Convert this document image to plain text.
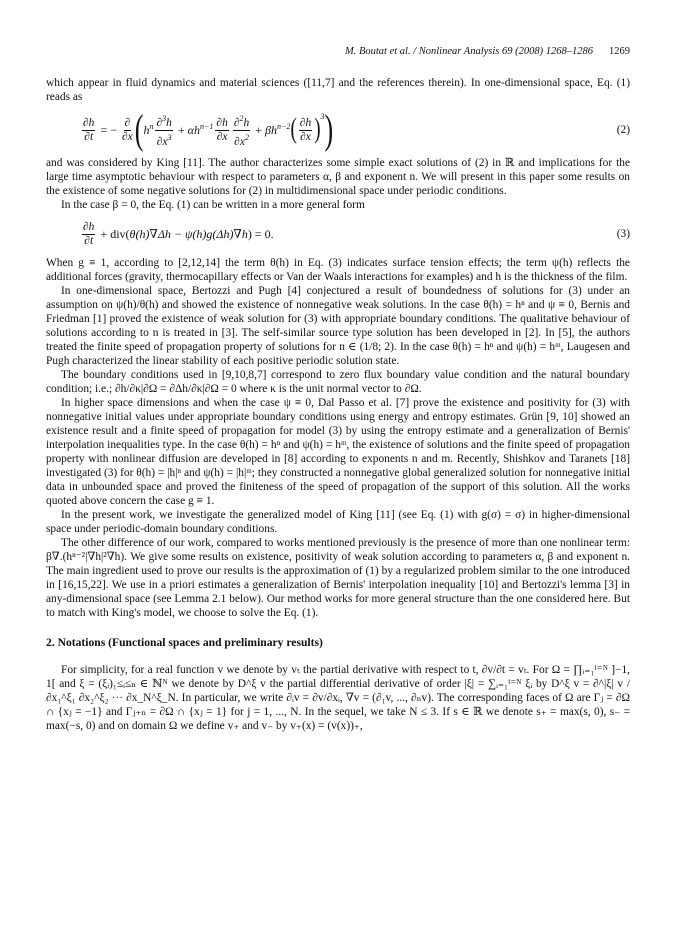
M. Boutat et al. / Nonlinear Analysis 69 (2008) 1268–1286 1269

which appear in fluid dynamics and material sciences ([11,7] and the references therein). In one-dimensional space, Eq. (1) reads as

$\frac{\partial h}{\partial t}$ = − $\frac{\partial}{\partial x}$ ( $h^n \frac{\partial^3h}{\partial x^3} + \alpha h^{n-1} \frac{\partial h}{\partial x} \frac{\partial^2h}{\partial x^2} + \beta h^{n-2}$ ( $\frac{\partial h}{\partial x} )^3$ )	(2)

and was considered by King [11]. The author characterizes some simple exact solutions of (2) in ℝ and implications for the large time asymptotic behaviour with respect to parameters α, β and exponent n. We will present in this paper some results on the existence of some negative solutions for (2) in multidimensional space under periodic conditions.

In the case β = 0, the Eq. (1) can be written in a more general form

$\frac{\partial h}{\partial t} + div$( θ(h)∇Δh − ψ(h)g(Δh)∇h ) = 0.	(3)

When g ≡ 1, according to [2,12,14] the term θ(h) in Eq. (3) indicates surface tension effects; the term ψ(h) reflects the additional forces (gravity, thermocapillary effects or Van der Waals interactions for examples) and h is the thickness of the film.

In one-dimensional space, Bertozzi and Pugh [4] conjectured a result of boundedness of solutions for (3) under an assumption on ψ(h)/θ(h) and showed the existence of nonnegative weak solutions. In the case θ(h) = hⁿ and ψ ≡ 0, Bernis and Friedman [1] proved the existence of weak solution for (3) with appropriate boundary conditions. The qualitative behaviour of solutions according to n is treated in [3]. The self-similar source type solution has been developed in [2]. In [5], the authors treated the finite speed of propagation property of solutions for n ∈ (1/8; 2). In the case θ(h) = hⁿ and ψ(h) = hᵐ, Laugesen and Pugh characterized the linear stability of each positive periodic solution state.

The boundary conditions used in [9,10,8,7] correspond to zero flux boundary value condition and the natural boundary condition; i.e.; ∂h/∂κ|∂Ω = ∂Δh/∂κ|∂Ω = 0 where κ is the unit normal vector to ∂Ω.

In higher space dimensions and when the case ψ ≡ 0, Dal Passo et al. [7] prove the existence and positivity for (3) with nonnegative initial values under appropriate boundary conditions using energy and entropy estimates. Grün [9, 10] showed an existence result and a finite speed of propagation for model (3) by using the entropy estimate and a generalization of Bernis' interpolation inequalities type. In the case θ(h) = hⁿ and ψ(h) = hᵐ, the existence of solutions and the finite speed of propagation property with nonlinear diffusion are developed in [8] according to exponents n and m. Recently, Shishkov and Taranets [18] investigated (3) for θ(h) = |h|ⁿ and ψ(h) = |h|ᵐ; they constructed a nonnegative global generalized solution for nonnegative initial data in unbounded space and proved the finiteness of the speed of propagation of the support of this solution. All the works quoted above concern the case g ≡ 1.

In the present work, we investigate the generalized model of King [11] (see Eq. (1) with g(σ) = σ) in higher-dimensional space under periodic-domain boundary conditions.

The other difference of our work, compared to works mentioned previously is the presence of more than one nonlinear term: β∇.(hⁿ⁻²|∇h|²∇h). We give some results on existence, positivity of weak solution according to parameters α, β and exponent n. The main ingredient used to prove our results is the approximation of (1) by a regularized problem similar to the one introduced in [16,15,22]. We use in a priori estimates a generalization of Bernis' interpolation inequality [10] and Bertozzi's lemma [3] in any-dimensional space (see Lemma 2.1 below). Our method works for more general structure than the one considered here. But to match with King's model, we choose to solve the Eq. (1).

2. Notations (Functional spaces and preliminary results)

For simplicity, for a real function v we denote by vₜ the partial derivative with respect to t, ∂v/∂t = vₜ. For Ω = ∏ᵢ₌₁ⁱ⁼ᴺ ]−1, 1[ and ξ = (ξᵢ)₁≤ᵢ≤ₙ ∈ ℕᴺ we denote by D^ξ v the partial differential derivative of order |ξ| = ∑ᵢ₌₁ⁱ⁼ᴺ ξᵢ by D^ξ v = ∂^|ξ| v / ∂x₁^ξ₁ ∂x₂^ξ₂ ··· ∂x_N^ξ_N. In particular, we write ∂ᵢv = ∂v/∂xᵢ, ∇v = (∂₁v, ..., ∂ₙv). The corresponding faces of Ω are Γⱼ = ∂Ω ∩ {xⱼ = −1} and Γⱼ₊ₙ = ∂Ω ∩ {xⱼ = 1} for j = 1, ..., N. In the sequel, we take N ≤ 3. If s ∈ ℝ we denote s₊ = max(s, 0), s₋ = max(−s, 0) and on domain Ω we define v₊ and v₋ by v₊(x) = (v(x))₊,
